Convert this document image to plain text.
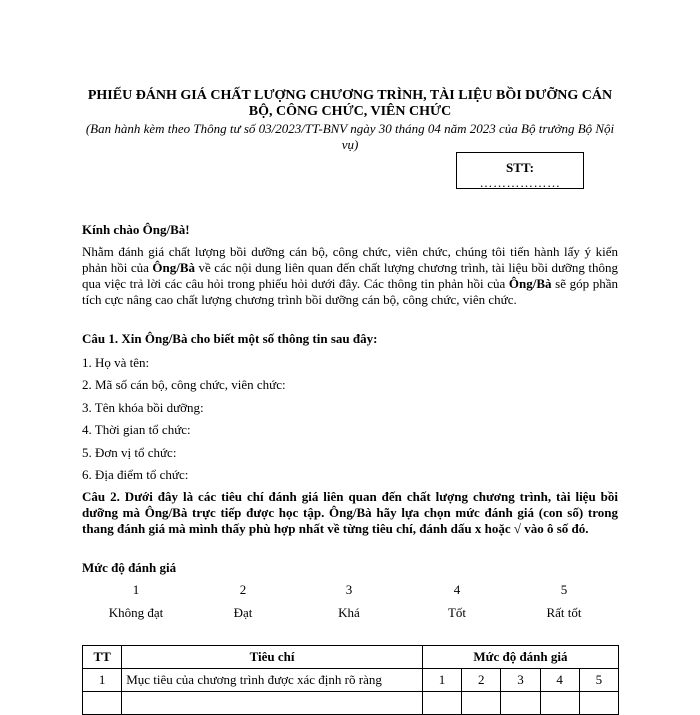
PHIẾU ĐÁNH GIÁ CHẤT LƯỢNG CHƯƠNG TRÌNH, TÀI LIỆU BỒI DƯỠNG CÁN BỘ, CÔNG CHỨC, VIÊN CHỨC
(Ban hành kèm theo Thông tư số 03/2023/TT-BNV ngày 30 tháng 04 năm 2023 của Bộ trưởng Bộ Nội vụ)
STT:
………………
Kính chào Ông/Bà!
Nhằm đánh giá chất lượng bồi dưỡng cán bộ, công chức, viên chức, chúng tôi tiến hành lấy ý kiến phản hồi của Ông/Bà về các nội dung liên quan đến chất lượng chương trình, tài liệu bồi dưỡng thông qua việc trả lời các câu hỏi trong phiếu hỏi dưới đây. Các thông tin phản hồi của Ông/Bà sẽ góp phần tích cực nâng cao chất lượng chương trình bồi dưỡng cán bộ, công chức, viên chức.
Câu 1. Xin Ông/Bà cho biết một số thông tin sau đây:
1. Họ và tên:
2. Mã số cán bộ, công chức, viên chức:
3. Tên khóa bồi dưỡng:
4. Thời gian tổ chức:
5. Đơn vị tổ chức:
6. Địa điểm tổ chức:
Câu 2. Dưới đây là các tiêu chí đánh giá liên quan đến chất lượng chương trình, tài liệu bồi dưỡng mà Ông/Bà trực tiếp được học tập. Ông/Bà hãy lựa chọn mức đánh giá (con số) trong thang đánh giá mà mình thấy phù hợp nhất về từng tiêu chí, đánh dấu x hoặc √ vào ô số đó.
Mức độ đánh giá
1	2	3	4	5
Không đạt	Đạt	Khá	Tốt	Rất tốt
TT	Tiêu chí	Mức độ đánh giá				
1	Mục tiêu của chương trình được xác định rõ ràng	1	2	3	4	5
